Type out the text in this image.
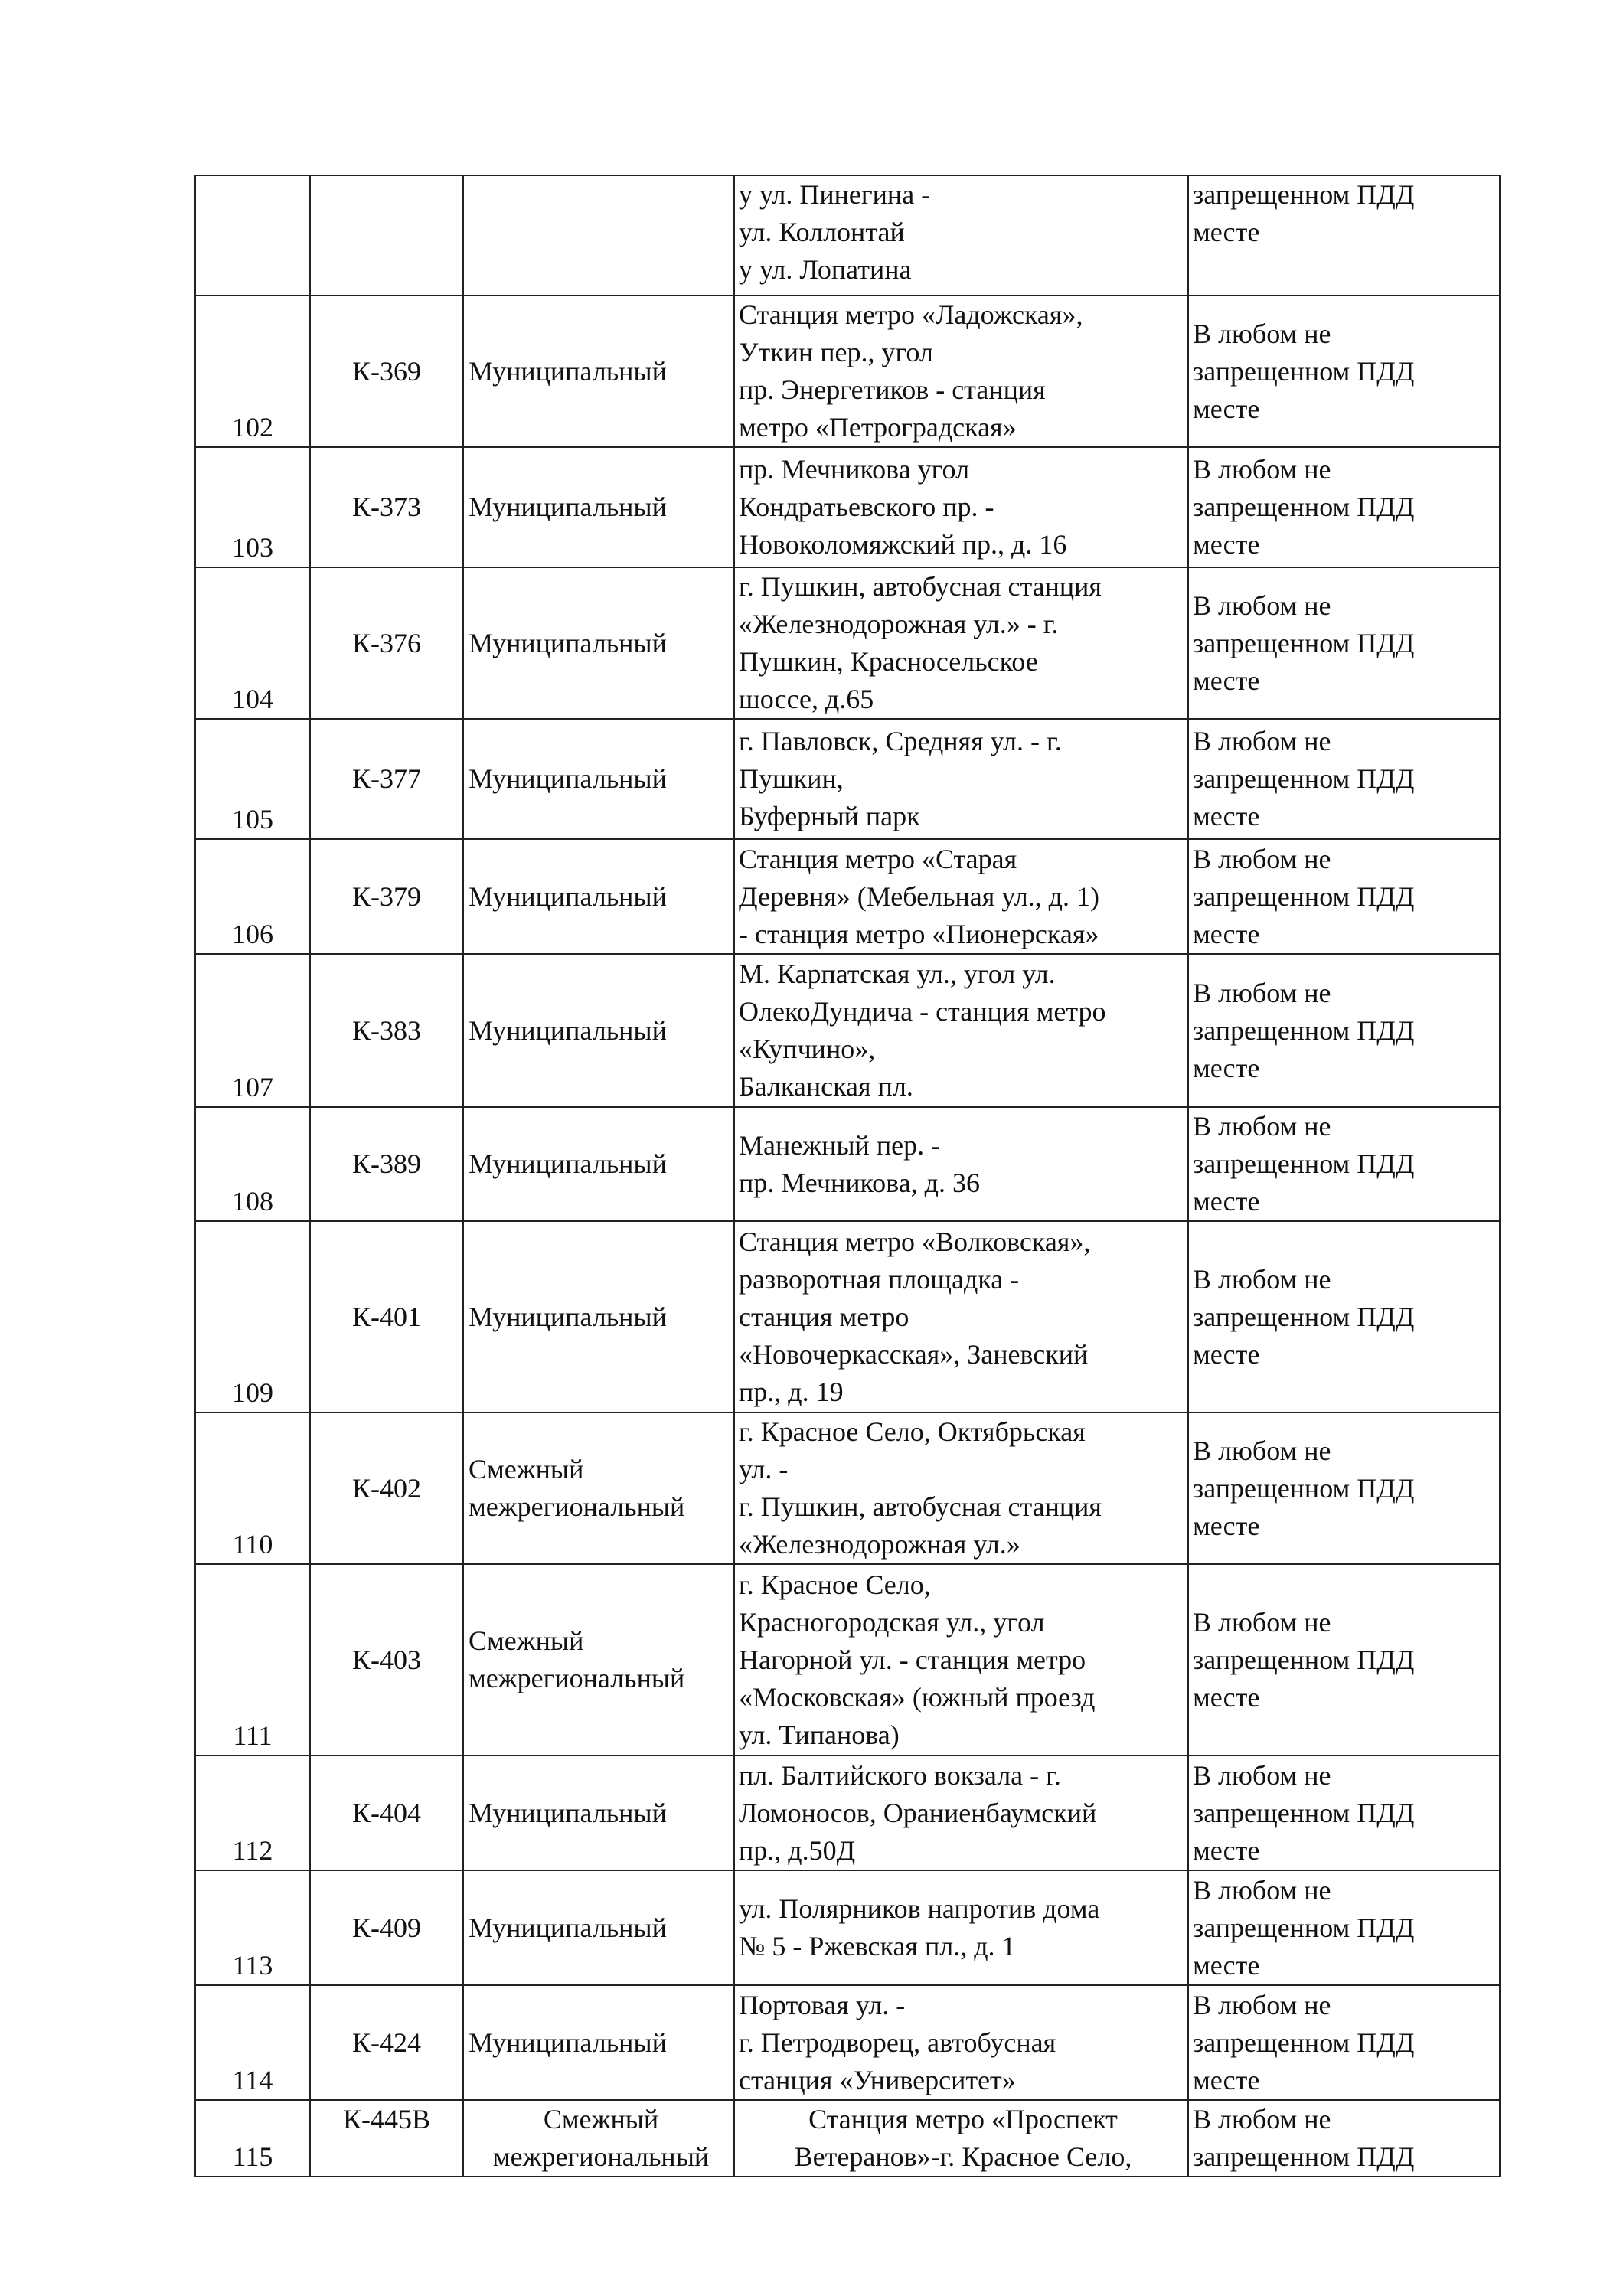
			у ул. Пинегина -
ул. Коллонтай
у ул. Лопатина	запрещенном ПДД
месте

102	К-369	Муниципальный	Станция метро «Ладожская»,
Уткин пер., угол
пр. Энергетиков - станция
метро «Петроградская»	В любом не
запрещенном ПДД
месте

103	К-373	Муниципальный	пр. Мечникова угол
Кондратьевского пр. -
Новоколомяжский пр., д. 16	В любом не
запрещенном ПДД
месте

104	К-376	Муниципальный	г. Пушкин, автобусная станция
«Железнодорожная ул.» - г.
Пушкин, Красносельское
шоссе, д.65	В любом не
запрещенном ПДД
месте

105	К-377	Муниципальный	г. Павловск, Средняя ул. - г.
Пушкин,
Буферный парк	В любом не
запрещенном ПДД
месте

106	К-379	Муниципальный	Станция метро «Старая
Деревня» (Мебельная ул., д. 1)
- станция метро «Пионерская»	В любом не
запрещенном ПДД
месте

107	К-383	Муниципальный	М. Карпатская ул., угол ул.
ОлекоДундича - станция метро
«Купчино»,
Балканская пл.	В любом не
запрещенном ПДД
месте

108	К-389	Муниципальный	Манежный пер. -
пр. Мечникова, д. 36	В любом не
запрещенном ПДД
месте

109	К-401	Муниципальный	Станция метро «Волковская»,
разворотная площадка -
станция метро
«Новочеркасская», Заневский
пр., д. 19	В любом не
запрещенном ПДД
месте

110	К-402	Смежный
межрегиональный	г. Красное Село, Октябрьская
ул. -
г. Пушкин, автобусная станция
«Железнодорожная ул.»	В любом не
запрещенном ПДД
месте

111	К-403	Смежный
межрегиональный	г. Красное Село,
Красногородская ул., угол
Нагорной ул. - станция метро
«Московская» (южный проезд
ул. Типанова)	В любом не
запрещенном ПДД
месте

112	К-404	Муниципальный	пл. Балтийского вокзала - г.
Ломоносов, Ораниенбаумский
пр., д.50Д	В любом не
запрещенном ПДД
месте

113	К-409	Муниципальный	ул. Полярников напротив дома
№ 5 - Ржевская пл., д. 1	В любом не
запрещенном ПДД
месте

114	К-424	Муниципальный	Портовая ул. -
г. Петродворец, автобусная
станция «Университет»	В любом не
запрещенном ПДД
месте

115	К-445В	Смежный
межрегиональный	Станция метро «Проспект
Ветеранов»-г. Красное Село,	В любом не
запрещенном ПДД
